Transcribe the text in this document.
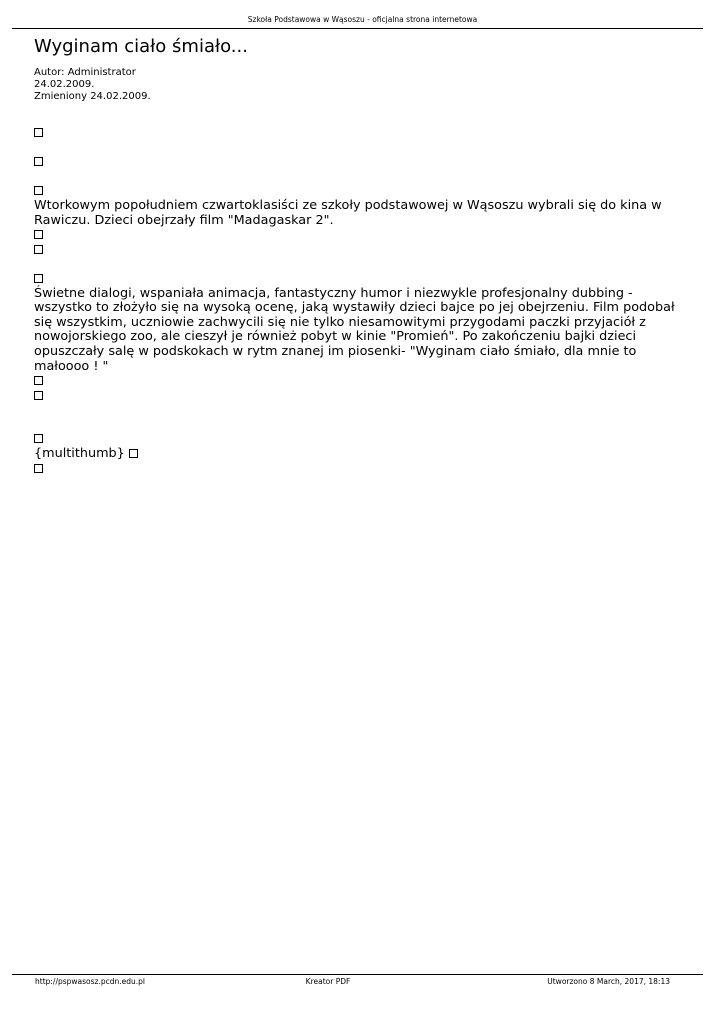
Szkoła Podstawowa w Wąsoszu - oficjalna strona internetowa
Wyginam ciało śmiało...
Autor: Administrator
24.02.2009.
Zmieniony 24.02.2009.

Wtorkowym popołudniem czwartoklasiści ze szkoły podstawowej w Wąsoszu wybrali się do kina w Rawiczu. Dzieci obejrzały film "Madagaskar 2".

Świetne dialogi, wspaniała animacja, fantastyczny humor i niezwykle profesjonalny dubbing - wszystko to złożyło się na wysoką ocenę, jaką wystawiły dzieci bajce po jej obejrzeniu. Film podobał się wszystkim, uczniowie zachwycili się nie tylko niesamowitymi przygodami paczki przyjaciół z nowojorskiego zoo, ale cieszył je również pobyt w kinie "Promień". Po zakończeniu bajki dzieci opuszczały salę w podskokach w rytm znanej im piosenki- "Wyginam ciało śmiało, dla mnie to małoooo ! "

{multithumb}
http://pspwasosz.pcdn.edu.pl	Kreator PDF	Utworzono 8 March, 2017, 18:13
